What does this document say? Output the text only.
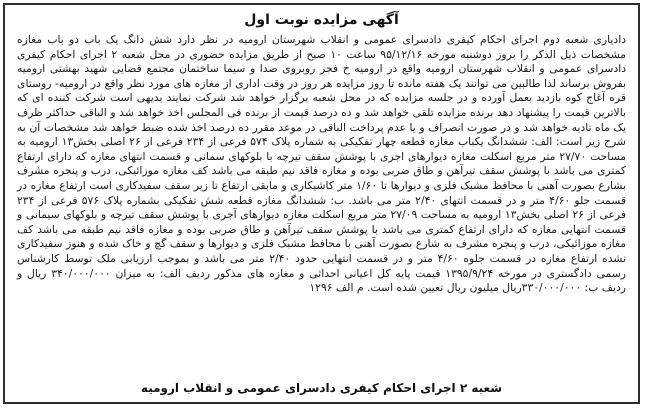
آگهی مزایده نوبت اول
دادیاری شعبه دوم اجرای احکام کیفری دادسرای عمومی و انقلاب شهرستان ارومیه در نظر دارد شش دانگ یک باب دو باب مغازه مشخصات ذیل الذکر را بروز دوشنبه مورخه ۹۵/۱۲/۱۶ ساعت ۱۰ صبح از طریق مزایده حضوری در محل شعبه ۲ اجرای احکام کیفری دادسرای عمومی و انقلاب شهرستان ارومیه واقع در ارومیه خ فجر روبروی صدا و سیما ساختمان مجتمع قضایی شهید بهشتی ارومیه بفروش برساند لذا طالبین می توانند یک هفته مانده تا روز مزایده هر روز در وقت اداری از مغازه های مورد نظر واقع در ارومیه- روستای قره آغاج کوه بازدید بعمل آورده و در جلسه مزایده که در محل شعبه برگزار خواهد شد شرکت نمایند بدیهی است شرکت کننده ای که بالاترین قیمت را پیشنهاد دهد برنده مزایده تلقی خواهد شد و ده درصد قیمت از برنده فی المجلس اخذ خواهد شد و الباقی حداکثر ظرف یک ماه تادیه خواهد شد و در صورت انصراف و یا عدم پرداخت الباقی در موعد مقرر ده درصد اخذ شده ضبط خواهد شد مشخصات آن به شرح زیر است: الف: ششدانگ یکباب مغازه قطعه چهار تفکیکی به شماره پلاک ۵۷۴ فرعی از ۲۳۴ فرعی از ۲۶ اصلی بخش۱۳ ارومیه به مساحت ۲۷/۷۰ متر مربع اسکلت مغازه دیوارهای اجری با پوشش سقف تیرچه با بلوکهای سمانی و قسمت انتهای مغازه که دارای ارتفاع کمتری می باشد با پوشش سقف تیرآهن و طاق ضربی بوده و مغازه فاقد نیم طبقه می باشد کف مغازه موزائیکی، درب و پنجره مشرف بشارع بصورت آهنی با محافظ مشبک فلزی و دیوارها تا ۱/۶۰ متر کاشیکاری و مابقی ارتفاع تا زیر سقف سفیدکاری است ارتفاع مغازه در قسمت جلو ۴/۶۰ متر و در قسمت انتهای ۲/۴۰ متر می باشد. ب: ششدانگ مغازه قطعه شش تفکیکی بشماره پلاک ۵۷۶ فرعی از ۲۳۴ فرعی از ۲۶ اصلی بخش۱۳ ارومیه به مساحت ۲۷/۰۹ متر مربع اسکلت مغازه دیوارهای آجری با پوشش سقف تیرچه و بلوکهای سیمانی و قسمت انتهایی مغازه که دارای ارتفاع کمتری می باشد با پوشش سقف تیرآهن و طاق ضربی بوده و مغازه فاقد نیم طبقه می باشد کف مغازه موزائیکی، درب و پنجره مشرف به شارع بصورت آهنی با محافظ مشبک فلزی و دیوارها و سقف گچ و خاک شده و هنوز سفیدکاری نشده ارتفاع مغازه در قسمت جلوه ۴/۶۰ متر و در قسمت انتهایی حدود ۲/۴۰ متر می باشد و بموجب ارزیابی ملک توسط کارشناس رسمی دادگستری در مورخه ۱۳۹۵/۹/۲۴ قیمت پایه کل اعیانی احداثی و مغازه های مذکور ردیف الف: به میزان ۳۴۰/۰۰۰/۰۰۰ ریال و ردیف ب: ۳۳۰/۰۰۰/۰۰۰ریال میلیون ریال تعیین شده است. م الف ۱۲۹۶
شعبه ۲ اجرای احکام کیفری دادسرای عمومی و انقلاب ارومیه
